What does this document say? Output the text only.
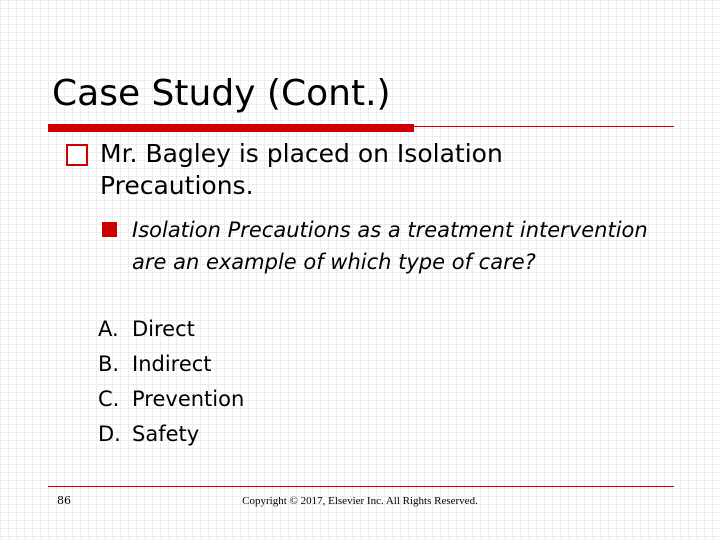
Case Study (Cont.)
Mr. Bagley is placed on Isolation Precautions.
Isolation Precautions as a treatment intervention are an example of which type of care?
A. Direct
B. Indirect
C. Prevention
D. Safety
86	Copyright © 2017, Elsevier Inc. All Rights Reserved.
